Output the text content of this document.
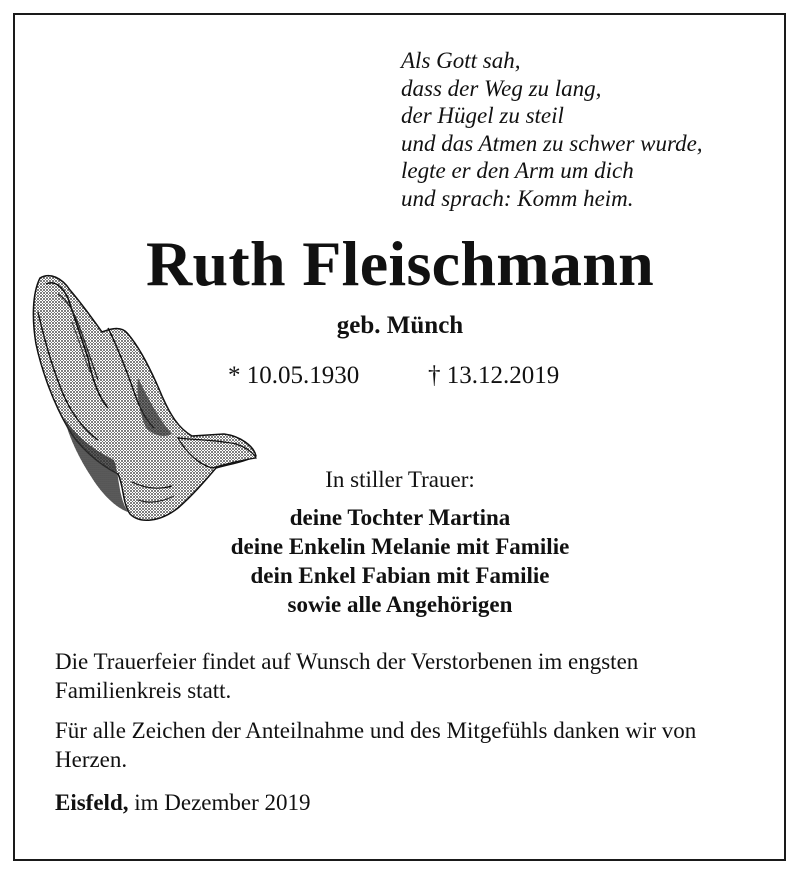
Als Gott sah,
dass der Weg zu lang,
der Hügel zu steil
und das Atmen zu schwer wurde,
legte er den Arm um dich
und sprach: Komm heim.
Ruth Fleischmann
geb. Münch
* 10.05.1930	† 13.12.2019
In stiller Trauer:
deine Tochter Martina
deine Enkelin Melanie mit Familie
dein Enkel Fabian mit Familie
sowie alle Angehörigen
Die Trauerfeier findet auf Wunsch der Verstorbenen im engsten Familienkreis statt.
Für alle Zeichen der Anteilnahme und des Mitgefühls danken wir von Herzen.
Eisfeld, im Dezember 2019
